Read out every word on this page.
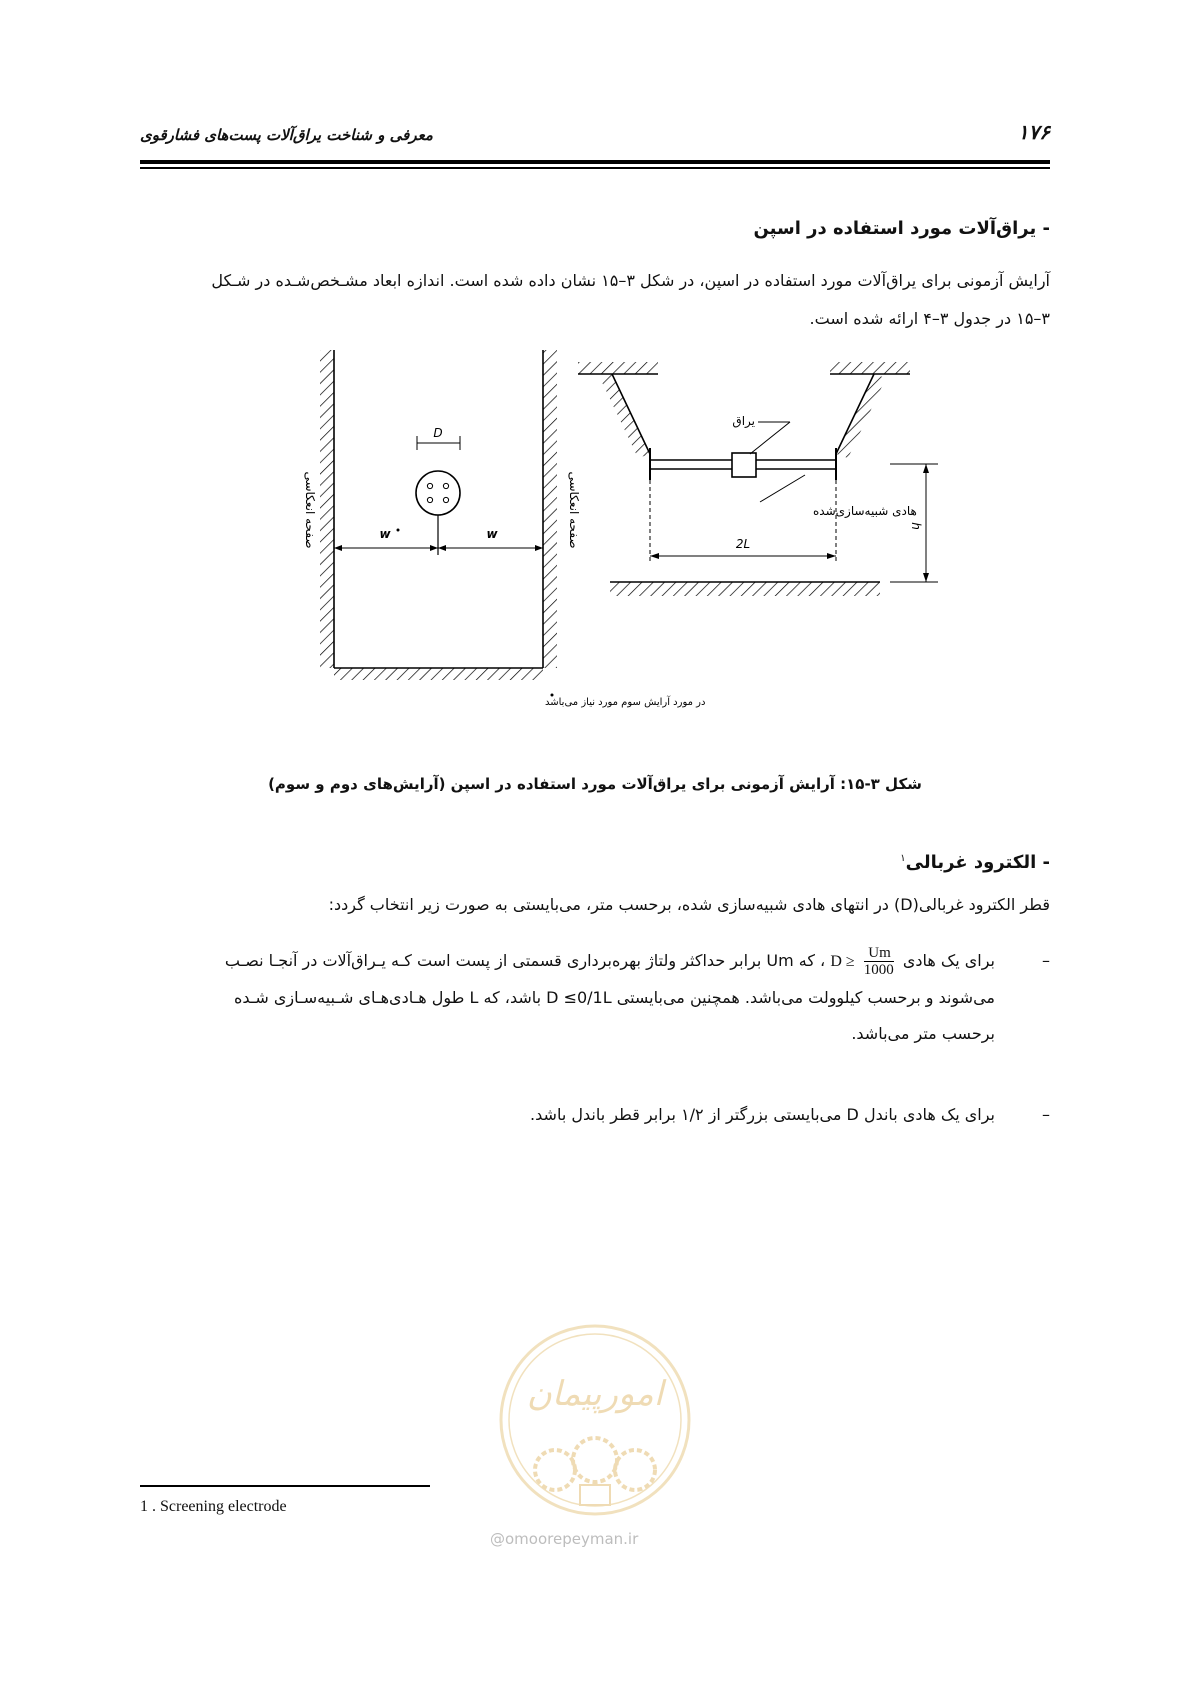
معرفی و شناخت یراق‌آلات پست‌های فشارقوی	۱۷۶
- یراق‌آلات مورد استفاده در اسپن
آرایش آزمونی برای یراق‌آلات مورد استفاده در اسپن، در شکل ۳–۱۵ نشان داده شده است. اندازه ابعاد مشـخص‌شـده در شـکل
۳–۱۵ در جدول ۳–۴ ارائه شده است.
D
w	w
صفحه انعکاسی	صفحه انعکاسی
در مورد آرایش سوم مورد نیاز می‌باشد
یراق
هادی شبیه‌سازی‌شده
2L
h
شکل ۳-۱۵: آرایش آزمونی برای یراق‌آلات مورد استفاده در اسپن (آرایش‌های دوم و سوم)
- الکترود غربالی$^۱$
قطر الکترود غربالی(D) در انتهای هادی شبیه‌سازی شده، برحسب متر، می‌بایستی به صورت زیر انتخاب گردد:
–
برای یک هادی
$\frac{Um}{1000}$
D ≥ ، که Um برابر حداکثر ولتاژ بهره‌برداری قسمتی از پست است کـه یـراق‌آلات در آنجـا نصـب
می‌شوند و برحسب کیلوولت می‌باشد. همچنین می‌بایستی D ≤0/1L باشد، که L طول هـادی‌هـای شـبیه‌سـازی شـده
برحسب متر می‌باشد.
–
برای یک هادی باندل D می‌بایستی بزرگتر از ۱/۲ برابر قطر باندل باشد.
امورپیمان
@omoorepeyman.ir
1 . Screening electrode
